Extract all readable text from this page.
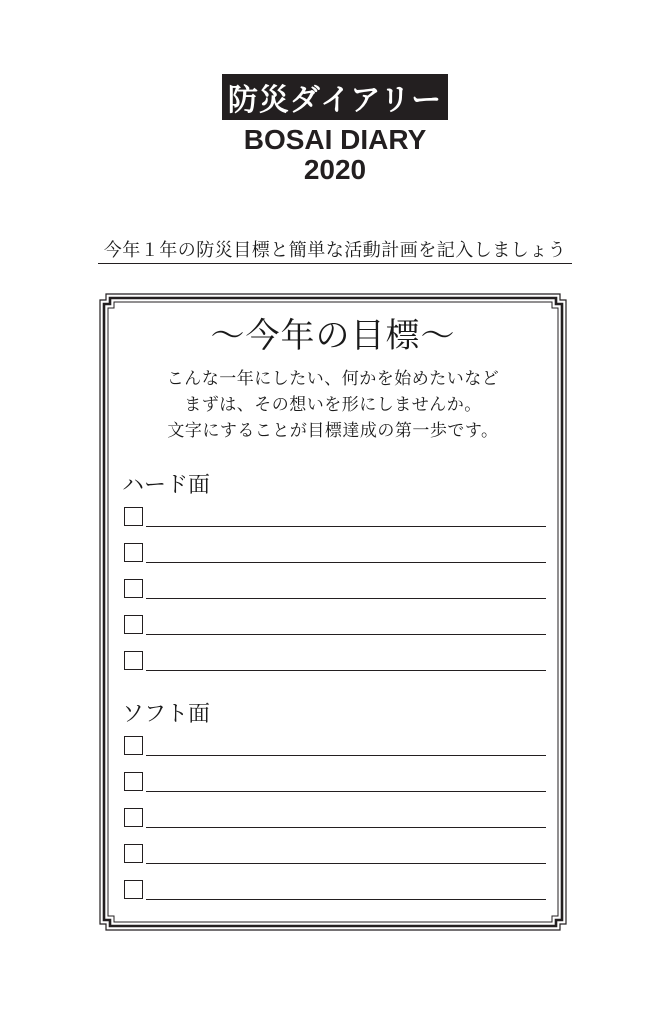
防災ダイアリー
BOSAI DIARY
2020
今年１年の防災目標と簡単な活動計画を記入しましょう
～今年の目標～
こんな一年にしたい、何かを始めたいなど
まずは、その想いを形にしませんか。
文字にすることが目標達成の第一歩です。
ハード面
ソフト面
